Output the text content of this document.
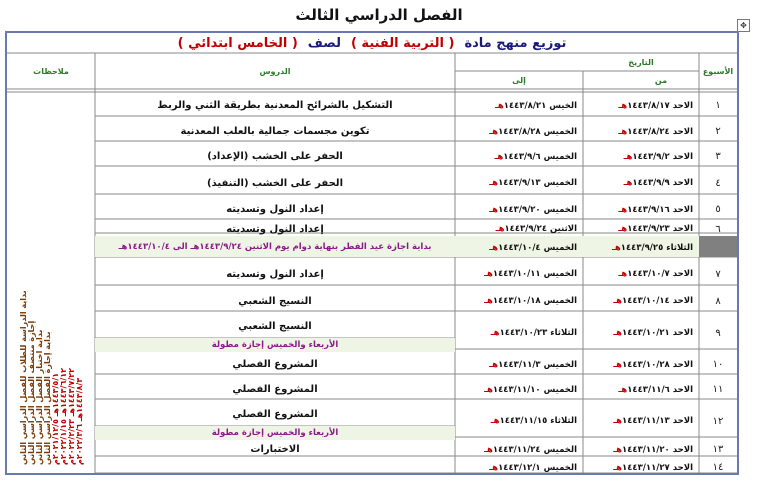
الفصل الدراسي الثالث
✥
توزيع منهج مادة
( التربية الفنية )
لصف
( الخامس ابتدائي )
الأسبوع
التاريخ
من
إلى
الدروس
ملاحظات
١
الاحد ١٤٤٣/٨/١٧
هـ
الخيس ١٤٤٣/٨/٢١
هـ
التشكيل بالشرائح المعدنية بطريقة الثني والربط
٢
الاحد ١٤٤٣/٨/٢٤
هـ
الخميس ١٤٤٣/٨/٢٨
هـ
تكوين مجسمات جمالية بالعلب المعدنية
٣
الاحد ١٤٤٣/٩/٢
هـ
الخميس ١٤٤٣/٩/٦
هـ
الحفر على الخشب (الإعداد)
٤
الاحد ١٤٤٣/٩/٩
هـ
الخميس ١٤٤٣/٩/١٣
هـ
الحفر على الخشب (التنفيذ)
٥
الاحد ١٤٤٣/٩/١٦
هـ
الخميس ١٤٤٣/٩/٢٠
هـ
إعداد النول وتسديته
٦
الاحد ١٤٤٣/٩/٢٣
هـ
الاثنين ١٤٤٣/٩/٢٤
هـ
إعداد النول وتسديته
الثلاثاء ١٤٤٣/٩/٢٥
هـ
الخميس ١٤٤٣/١٠/٤
هـ
بداية اجازة عيد الفطر بنهاية دوام يوم الاثنين ١٤٤٣/٩/٢٤هـ الى ١٤٤٣/١٠/٤هـ
٧
الاحد ١٤٤٣/١٠/٧
هـ
الخميس ١٤٤٣/١٠/١١
هـ
إعداد النول وتسديته
٨
الاحد ١٤٤٣/١٠/١٤
هـ
الخميس ١٤٤٣/١٠/١٨
هـ
النسيج الشعبي
٩
الاحد ١٤٤٣/١٠/٢١
هـ
الثلاثاء ١٤٤٣/١٠/٢٣
هـ
النسيج الشعبي
الأربعاء والخميس إجازة مطولة
١٠
الاحد ١٤٤٣/١٠/٢٨
هـ
الخميس ١٤٤٣/١١/٣
هـ
المشروع الفصلي
١١
الاحد ١٤٤٣/١١/٦
هـ
الخميس ١٤٤٣/١١/١٠
هـ
المشروع الفصلي
١٢
الاحد ١٤٤٣/١١/١٣
هـ
الثلاثاء ١٤٤٣/١١/١٥
هـ
المشروع الفصلي
الأربعاء والخميس إجازة مطولة
١٣
الاحد ١٤٤٣/١١/٢٠
هـ
الخميس ١٤٤٣/١١/٢٤
هـ
الاختبارات
١٤
الاحد ١٤٤٣/١١/٢٧
هـ
الخميس ١٤٤٣/١٢/١
هـ
بداية الدراسة للطلاب للفصل الدراسي الثاني إجازة منتصف الفصل الدراسي الثاني بداية اختبار الفصل الدراسي الثاني بداية إجازة الفصل الدراسي الثاني ١٤٤٣/٥/١هـ ٢٠٢١/١٢/٥م
١٤٤٣/٦/١٢هـ ٢٠٢٢/١/١٥م
١٤٤٣/٧/٢٢هـ ٢٠٢٢/٢/٢٣م
١٤٤٣/٨/٣هـ ٢٠٢٢/٣/٦م
